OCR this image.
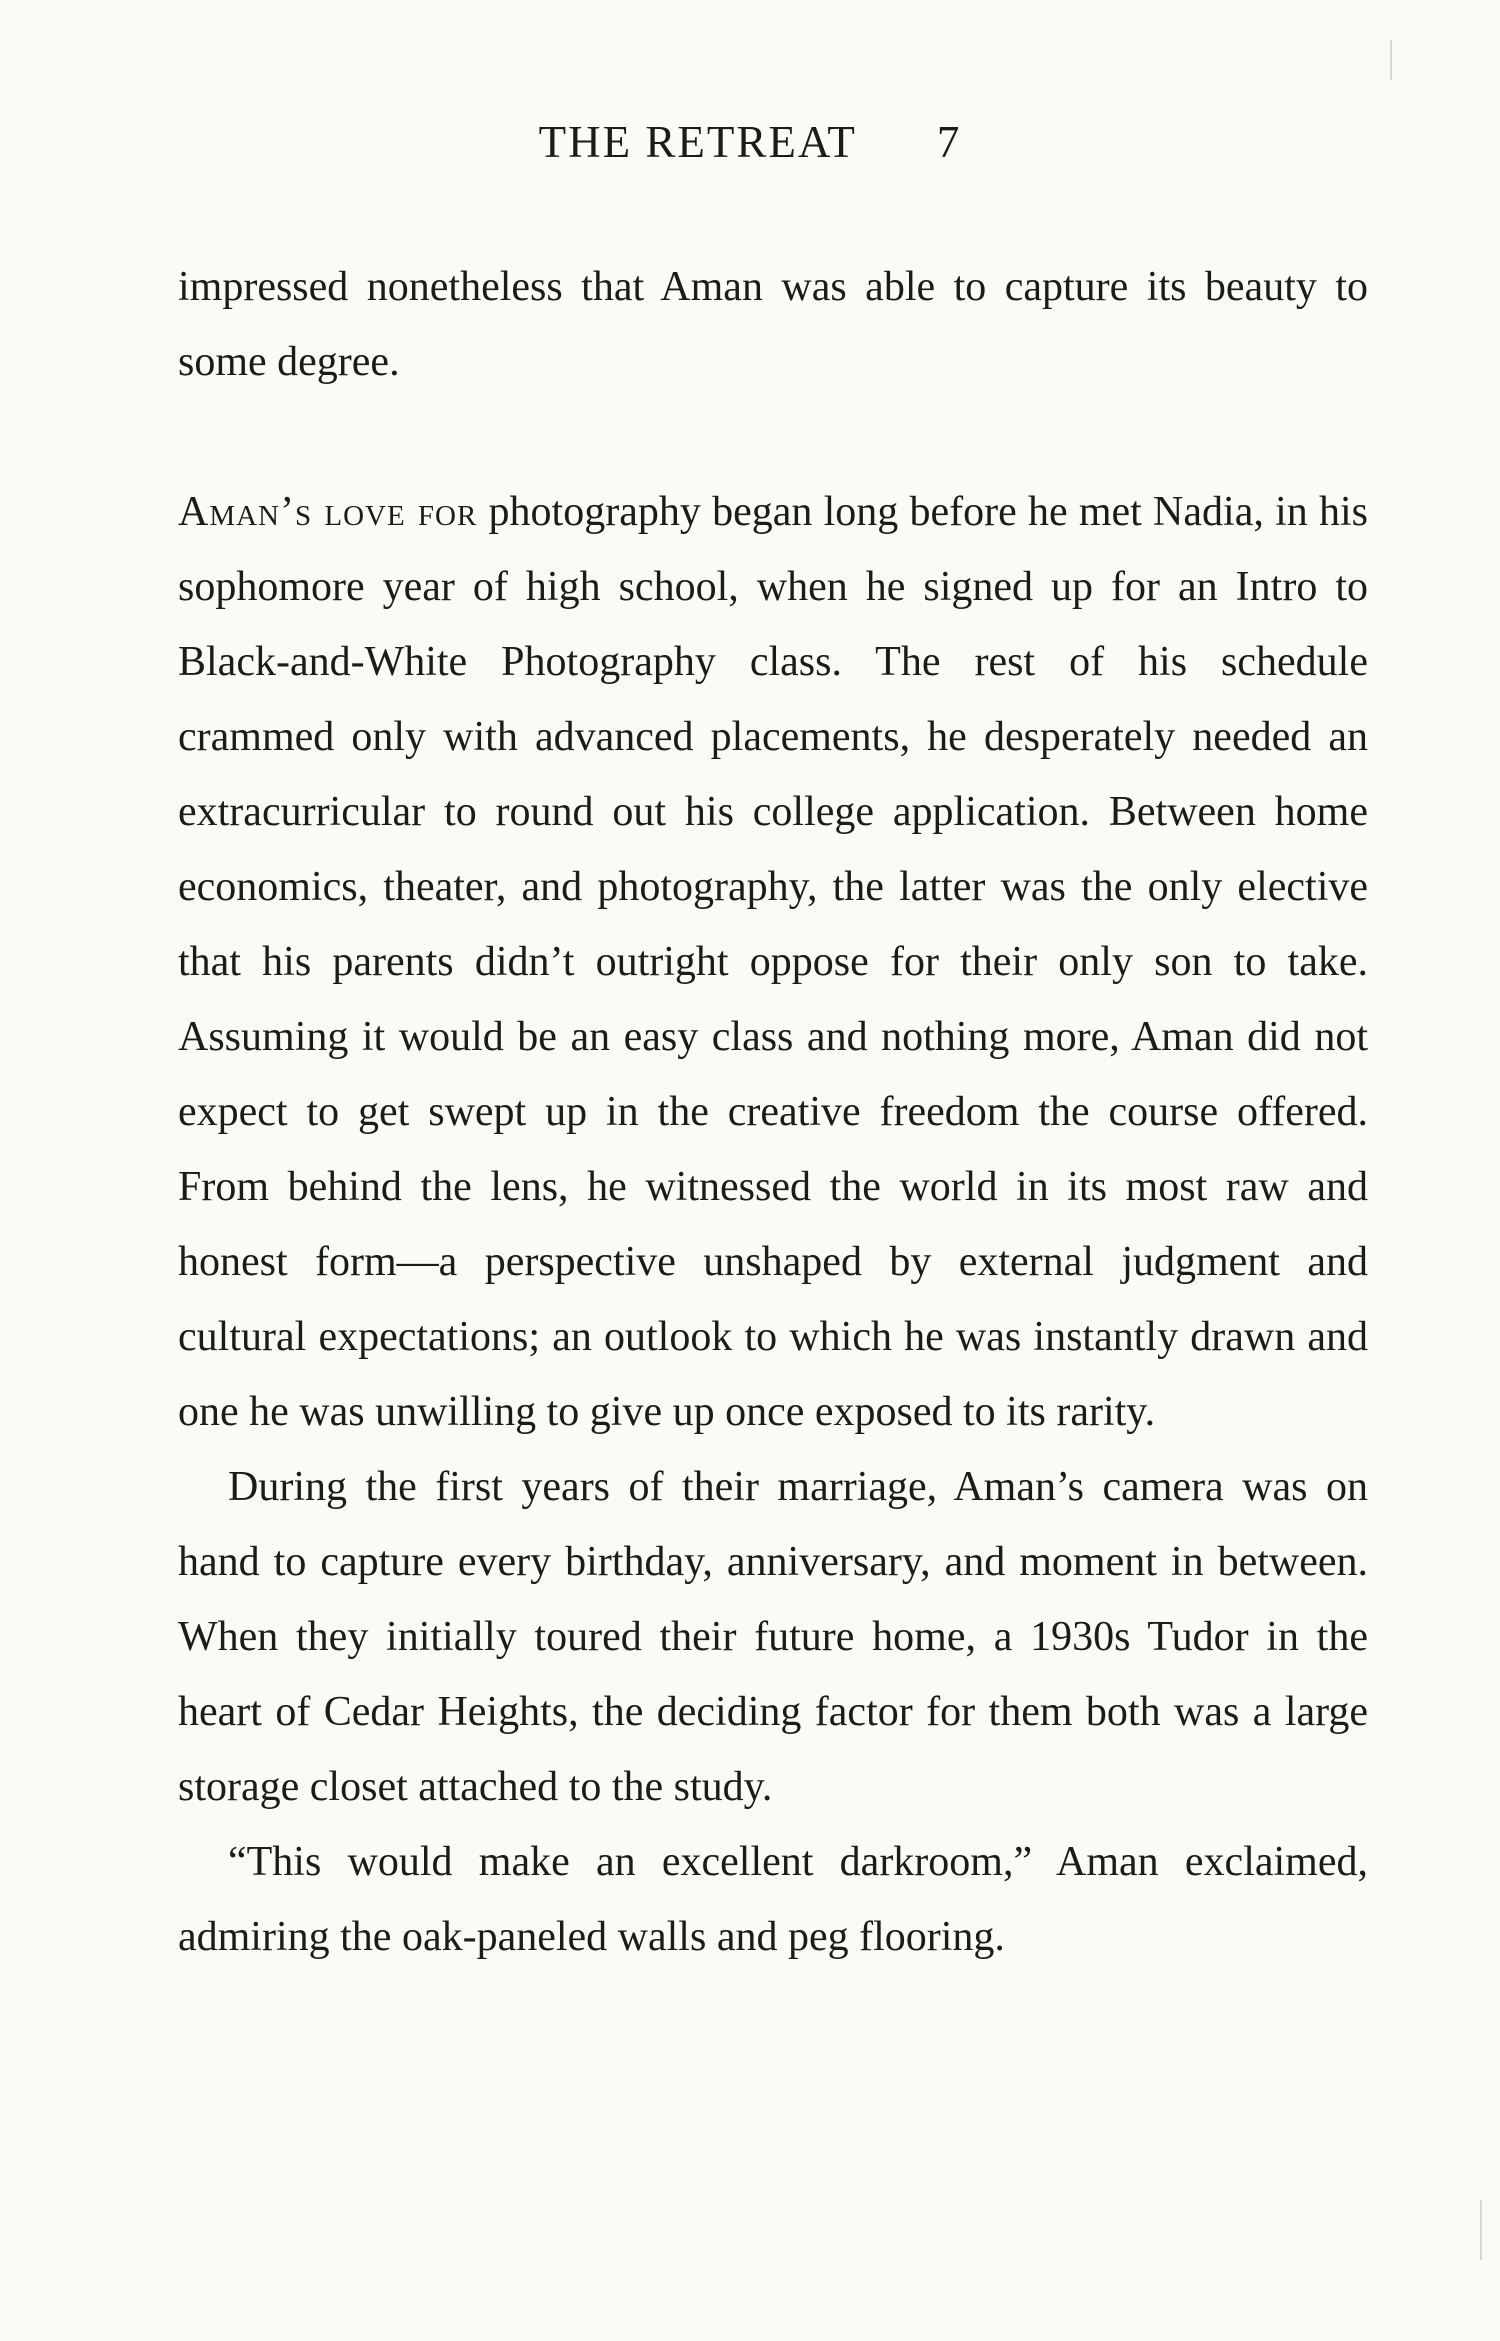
THE RETREAT 7

impressed nonetheless that Aman was able to capture its beauty to some degree.

Aman’s love for photography began long before he met Nadia, in his sophomore year of high school, when he signed up for an Intro to Black-and-White Photography class. The rest of his schedule crammed only with advanced placements, he desperately needed an extracurricular to round out his college application. Between home economics, theater, and photography, the latter was the only elective that his parents didn’t outright oppose for their only son to take. Assuming it would be an easy class and nothing more, Aman did not expect to get swept up in the creative freedom the course offered. From behind the lens, he witnessed the world in its most raw and honest form—a perspective unshaped by external judgment and cultural expectations; an outlook to which he was instantly drawn and one he was unwilling to give up once exposed to its rarity.

During the first years of their marriage, Aman’s camera was on hand to capture every birthday, anniversary, and moment in between. When they initially toured their future home, a 1930s Tudor in the heart of Cedar Heights, the deciding factor for them both was a large storage closet attached to the study.

“This would make an excellent darkroom,” Aman exclaimed, admiring the oak-paneled walls and peg flooring.
